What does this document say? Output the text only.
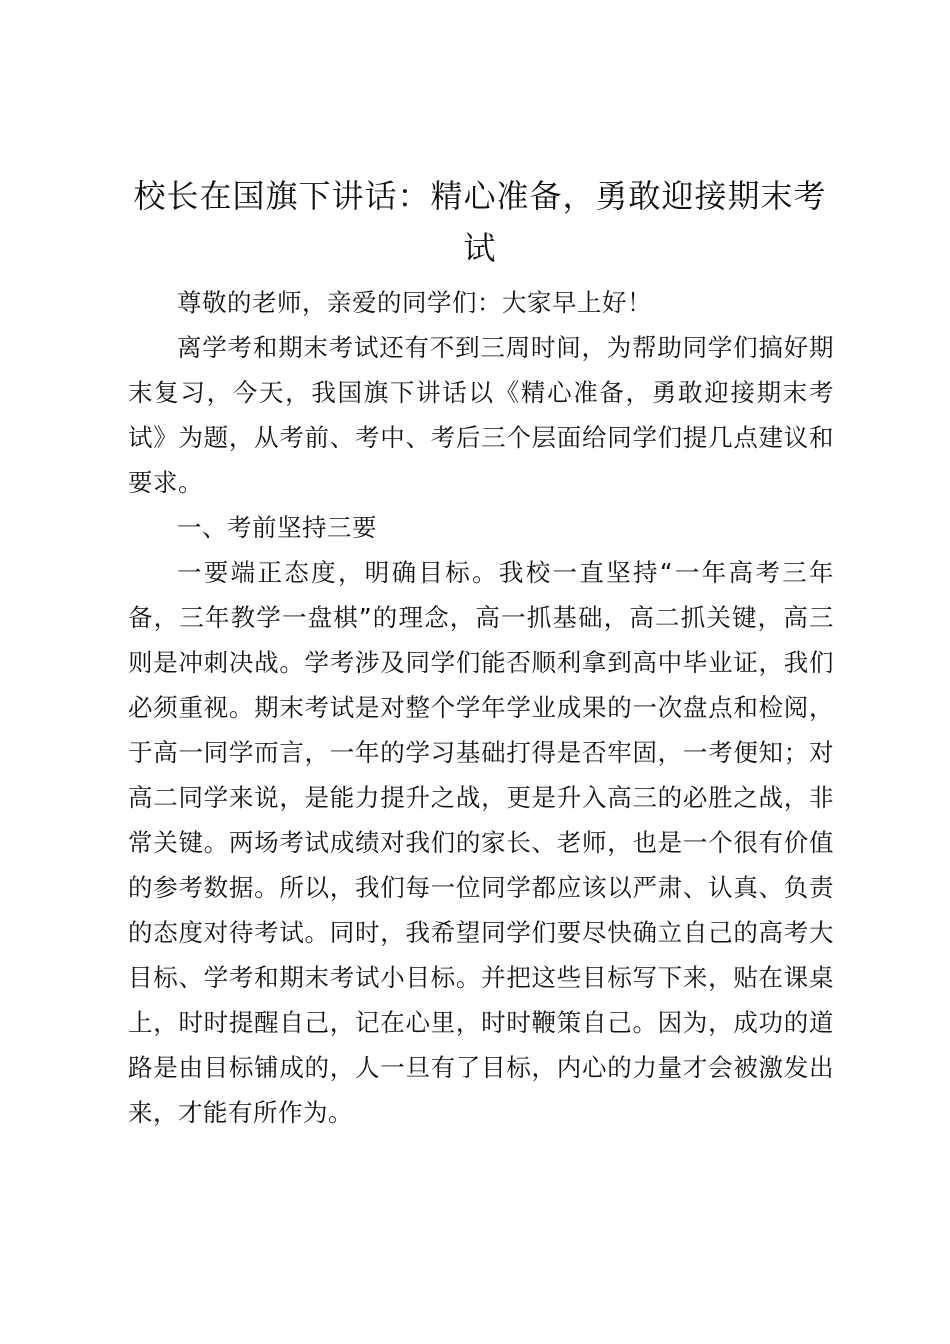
校长在国旗下讲话：精心准备，勇敢迎接期末考试

尊敬的老师，亲爱的同学们：大家早上好！

离学考和期末考试还有不到三周时间，为帮助同学们搞好期末复习，今天，我国旗下讲话以《精心准备，勇敢迎接期末考试》为题，从考前、考中、考后三个层面给同学们提几点建议和要求。

一、考前坚持三要

一要端正态度，明确目标。我校一直坚持“一年高考三年备，三年教学一盘棋”的理念，高一抓基础，高二抓关键，高三则是冲刺决战。学考涉及同学们能否顺利拿到高中毕业证，我们必须重视。期末考试是对整个学年学业成果的一次盘点和检阅，于高一同学而言，一年的学习基础打得是否牢固，一考便知；对高二同学来说，是能力提升之战，更是升入高三的必胜之战，非常关键。两场考试成绩对我们的家长、老师，也是一个很有价值的参考数据。所以，我们每一位同学都应该以严肃、认真、负责的态度对待考试。同时，我希望同学们要尽快确立自己的高考大目标、学考和期末考试小目标。并把这些目标写下来，贴在课桌上，时时提醒自己，记在心里，时时鞭策自己。因为，成功的道路是由目标铺成的，人一旦有了目标，内心的力量才会被激发出来，才能有所作为。
